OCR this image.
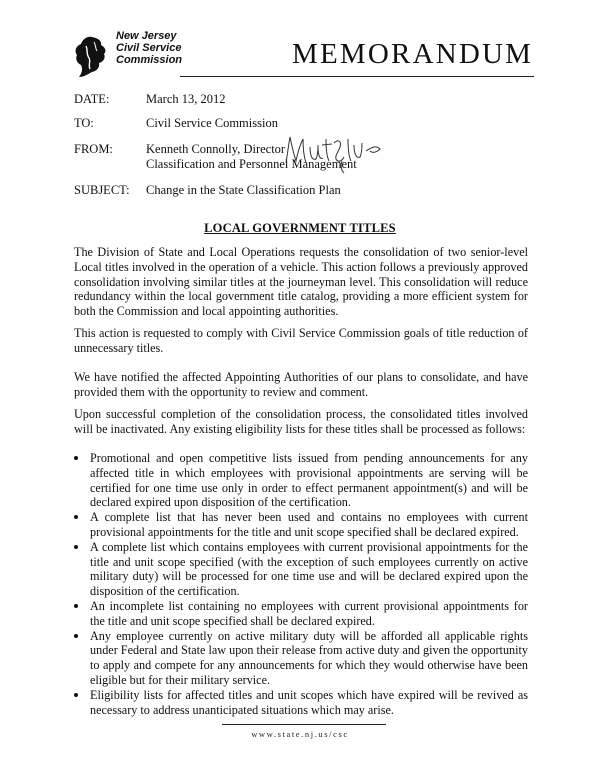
New Jersey
Civil Service
Commission	MEMORANDUM
DATE:	March 13, 2012
TO:	Civil Service Commission
FROM:	Kenneth Connolly, Director
Classification and Personnel Management
SUBJECT: Change in the State Classification Plan
LOCAL GOVERNMENT TITLES

The Division of State and Local Operations requests the consolidation of two senior-level Local titles involved in the operation of a vehicle. This action follows a previously approved consolidation involving similar titles at the journeyman level. This consolidation will reduce redundancy within the local government title catalog, providing a more efficient system for both the Commission and local appointing authorities.

This action is requested to comply with Civil Service Commission goals of title reduction of unnecessary titles.

We have notified the affected Appointing Authorities of our plans to consolidate, and have provided them with the opportunity to review and comment.

Upon successful completion of the consolidation process, the consolidated titles involved will be inactivated. Any existing eligibility lists for these titles shall be processed as follows:

Promotional and open competitive lists issued from pending announcements for any affected title in which employees with provisional appointments are serving will be certified for one time use only in order to effect permanent appointment(s) and will be declared expired upon disposition of the certification.
A complete list that has never been used and contains no employees with current provisional appointments for the title and unit scope specified shall be declared expired.
A complete list which contains employees with current provisional appointments for the title and unit scope specified (with the exception of such employees currently on active military duty) will be processed for one time use and will be declared expired upon the disposition of the certification.
An incomplete list containing no employees with current provisional appointments for the title and unit scope specified shall be declared expired.
Any employee currently on active military duty will be afforded all applicable rights under Federal and State law upon their release from active duty and given the opportunity to apply and compete for any announcements for which they would otherwise have been eligible but for their military service.
Eligibility lists for affected titles and unit scopes which have expired will be revived as necessary to address unanticipated situations which may arise.
www.state.nj.us/csc
